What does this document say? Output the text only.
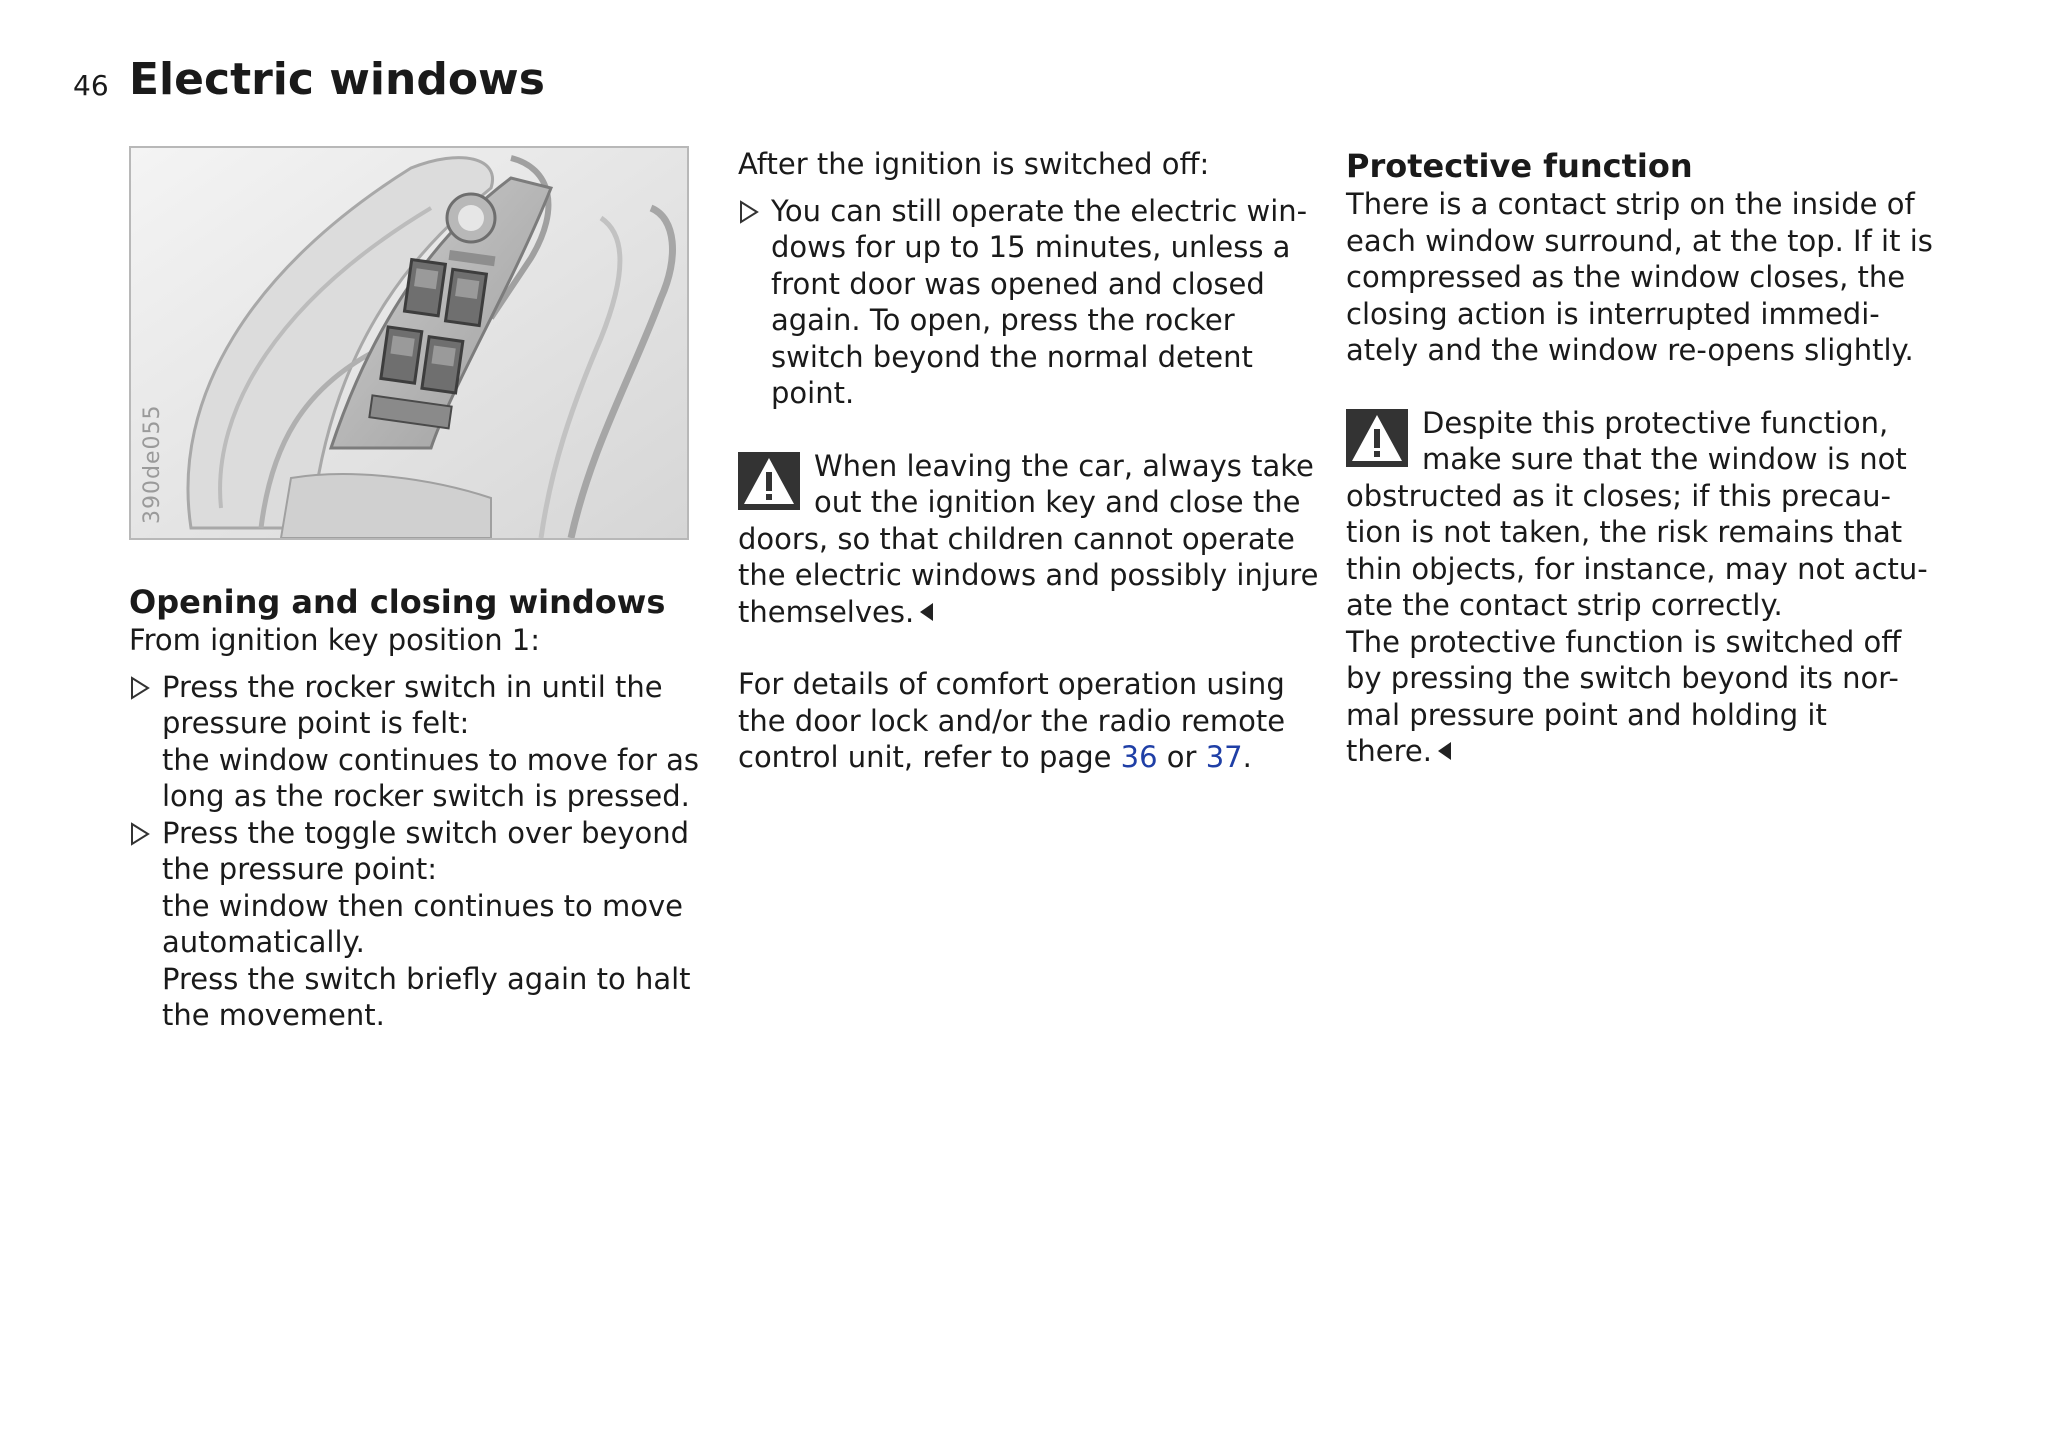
46 Electric windows
390de055
Opening and closing windows

From ignition key position 1:

Press the rocker switch in until the
pressure point is felt:
the window continues to move for as
long as the rocker switch is pressed.
Press the toggle switch over beyond
the pressure point:
the window then continues to move
automatically.
Press the switch briefly again to halt
the movement.

After the ignition is switched off:

You can still operate the electric win-
dows for up to 15 minutes, unless a
front door was opened and closed
again. To open, press the rocker
switch beyond the normal detent
point.
When leaving the car, always take
out the ignition key and close the
doors, so that children cannot operate
the electric windows and possibly injure
themselves.
For details of comfort operation using
the door lock and/or the radio remote
control unit, refer to page 36 or 37.
Protective function
There is a contact strip on the inside of
each window surround, at the top. If it is
compressed as the window closes, the
closing action is interrupted immedi-
ately and the window re-opens slightly.
Despite this protective function,
make sure that the window is not
obstructed as it closes; if this precau-
tion is not taken, the risk remains that
thin objects, for instance, may not actu-
ate the contact strip correctly.
The protective function is switched off
by pressing the switch beyond its nor-
mal pressure point and holding it
there.
